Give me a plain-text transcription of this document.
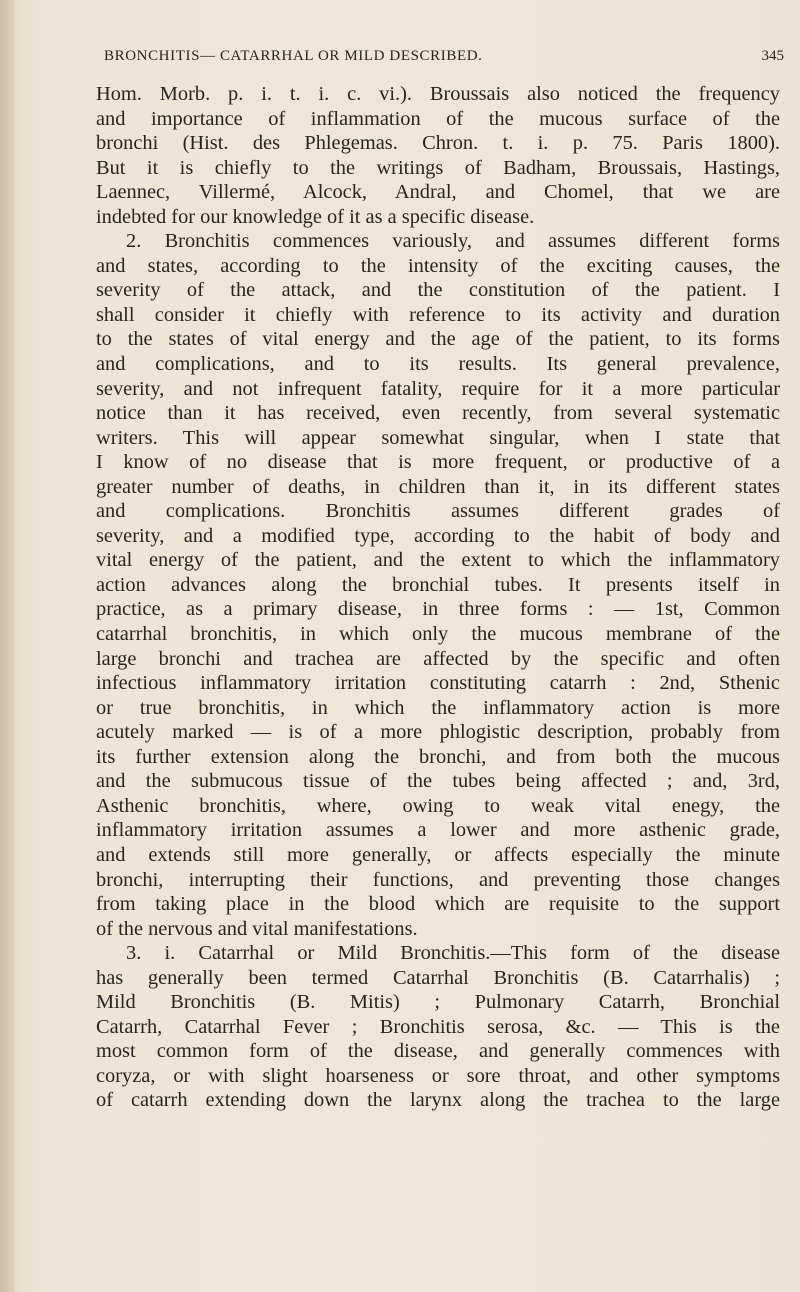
BRONCHITIS— CATARRHAL OR MILD DESCRIBED.	345
Hom. Morb. p. i. t. i. c. vi.). Broussais also noticed the frequency
and importance of inflammation of the mucous surface of the
bronchi (Hist. des Phlegemas. Chron. t. i. p. 75. Paris 1800).
But it is chiefly to the writings of Badham, Broussais, Hastings,
Laennec, Villermé, Alcock, Andral, and Chomel, that we are
indebted for our knowledge of it as a specific disease.
2. Bronchitis commences variously, and assumes different forms
and states, according to the intensity of the exciting causes, the
severity of the attack, and the constitution of the patient. I
shall consider it chiefly with reference to its activity and duration
to the states of vital energy and the age of the patient, to its forms
and complications, and to its results. Its general prevalence,
severity, and not infrequent fatality, require for it a more particular
notice than it has received, even recently, from several systematic
writers. This will appear somewhat singular, when I state that
I know of no disease that is more frequent, or productive of a
greater number of deaths, in children than it, in its different states
and complications. Bronchitis assumes different grades of
severity, and a modified type, according to the habit of body and
vital energy of the patient, and the extent to which the inflammatory
action advances along the bronchial tubes. It presents itself in
practice, as a primary disease, in three forms : — 1st, Common
catarrhal bronchitis, in which only the mucous membrane of the
large bronchi and trachea are affected by the specific and often
infectious inflammatory irritation constituting catarrh : 2nd, Sthenic
or true bronchitis, in which the inflammatory action is more
acutely marked — is of a more phlogistic description, probably from
its further extension along the bronchi, and from both the mucous
and the submucous tissue of the tubes being affected ; and, 3rd,
Asthenic bronchitis, where, owing to weak vital enegy, the
inflammatory irritation assumes a lower and more asthenic grade,
and extends still more generally, or affects especially the minute
bronchi, interrupting their functions, and preventing those changes
from taking place in the blood which are requisite to the support
of the nervous and vital manifestations.
3. i. Catarrhal or Mild Bronchitis.—This form of the disease
has generally been termed Catarrhal Bronchitis (B. Catarrhalis) ;
Mild Bronchitis (B. Mitis) ; Pulmonary Catarrh, Bronchial
Catarrh, Catarrhal Fever ; Bronchitis serosa, &c. — This is the
most common form of the disease, and generally commences with
coryza, or with slight hoarseness or sore throat, and other symptoms
of catarrh extending down the larynx along the trachea to the large
